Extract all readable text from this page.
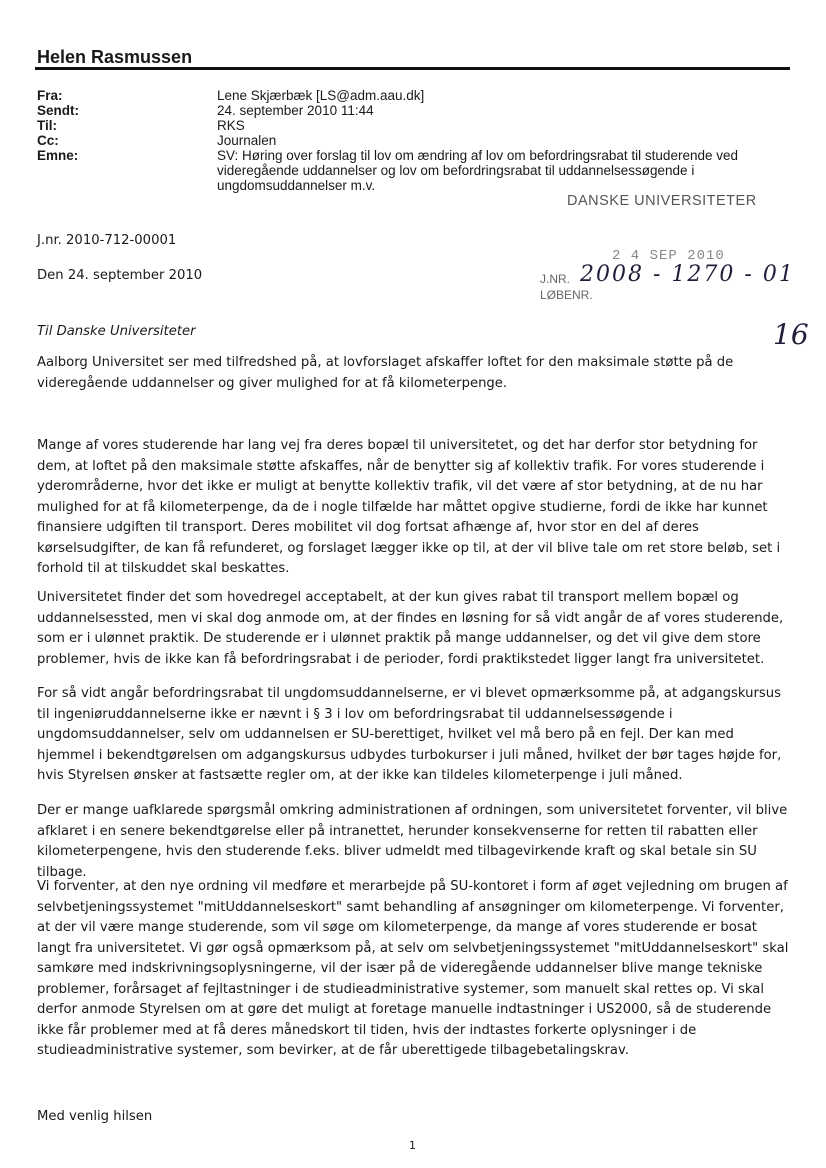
Helen Rasmussen
Fra:	Lene Skjærbæk [LS@adm.aau.dk]
Sendt:	24. september 2010 11:44
Til:	RKS
Cc:	Journalen
Emne:	SV: Høring over forslag til lov om ændring af lov om befordringsrabat til studerende ved videregående uddannelser og lov om befordringsrabat til uddannelsessøgende i ungdomsuddannelser m.v.
DANSKE UNIVERSITETER
2 4 SEP 2010
J.NR.
LØBENR.
2008 - 1270 - 01
16
J.nr. 2010-712-00001
Den 24. september 2010
Til Danske Universiteter

Aalborg Universitet ser med tilfredshed på, at lovforslaget afskaffer loftet for den maksimale støtte på de videregående uddannelser og giver mulighed for at få kilometerpenge.

Mange af vores studerende har lang vej fra deres bopæl til universitetet, og det har derfor stor betydning for dem, at loftet på den maksimale støtte afskaffes, når de benytter sig af kollektiv trafik. For vores studerende i yderområderne, hvor det ikke er muligt at benytte kollektiv trafik, vil det være af stor betydning, at de nu har mulighed for at få kilometerpenge, da de i nogle tilfælde har måttet opgive studierne, fordi de ikke har kunnet finansiere udgiften til transport. Deres mobilitet vil dog fortsat afhænge af, hvor stor en del af deres kørselsudgifter, de kan få refunderet, og forslaget lægger ikke op til, at der vil blive tale om ret store beløb, set i forhold til at tilskuddet skal beskattes.

Universitetet finder det som hovedregel acceptabelt, at der kun gives rabat til transport mellem bopæl og uddannelsessted, men vi skal dog anmode om, at der findes en løsning for så vidt angår de af vores studerende, som er i ulønnet praktik. De studerende er i ulønnet praktik på mange uddannelser, og det vil give dem store problemer, hvis de ikke kan få befordringsrabat i de perioder, fordi praktikstedet ligger langt fra universitetet.

For så vidt angår befordringsrabat til ungdomsuddannelserne, er vi blevet opmærksomme på, at adgangskursus til ingeniøruddannelserne ikke er nævnt i § 3 i lov om befordringsrabat til uddannelsessøgende i ungdomsuddannelser, selv om uddannelsen er SU-berettiget, hvilket vel må bero på en fejl. Der kan med hjemmel i bekendtgørelsen om adgangskursus udbydes turbokurser i juli måned, hvilket der bør tages højde for, hvis Styrelsen ønsker at fastsætte regler om, at der ikke kan tildeles kilometerpenge i juli måned.

Der er mange uafklarede spørgsmål omkring administrationen af ordningen, som universitetet forventer, vil blive afklaret i en senere bekendtgørelse eller på intranettet, herunder konsekvenserne for retten til rabatten eller kilometerpengene, hvis den studerende f.eks. bliver udmeldt med tilbagevirkende kraft og skal betale sin SU tilbage.

Vi forventer, at den nye ordning vil medføre et merarbejde på SU-kontoret i form af øget vejledning om brugen af selvbetjeningssystemet "mitUddannelseskort" samt behandling af ansøgninger om kilometerpenge. Vi forventer, at der vil være mange studerende, som vil søge om kilometerpenge, da mange af vores studerende er bosat langt fra universitetet. Vi gør også opmærksom på, at selv om selvbetjeningssystemet "mitUddannelseskort" skal samkøre med indskrivningsoplysningerne, vil der især på de videregående uddannelser blive mange tekniske problemer, forårsaget af fejltastninger i de studieadministrative systemer, som manuelt skal rettes op. Vi skal derfor anmode Styrelsen om at gøre det muligt at foretage manuelle indtastninger i US2000, så de studerende ikke får problemer med at få deres månedskort til tiden, hvis der indtastes forkerte oplysninger i de studieadministrative systemer, som bevirker, at de får uberettigede tilbagebetalingskrav.

Med venlig hilsen
1
